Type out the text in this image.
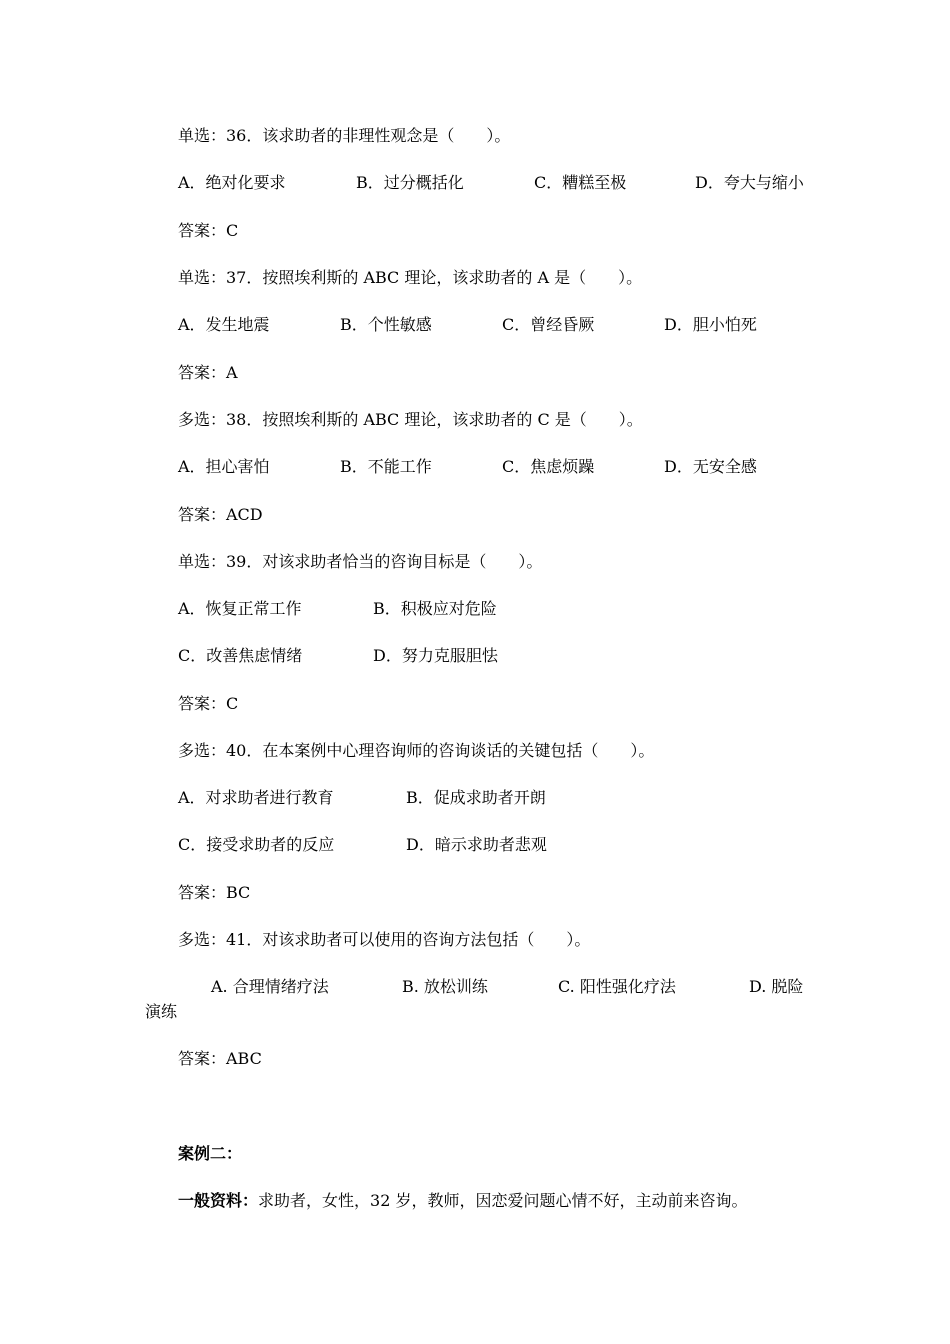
单选：36．该求助者的非理性观念是（　　）。
A．绝对化要求	B．过分概括化	C．糟糕至极	D．夸大与缩小
答案：C
单选：37．按照埃利斯的 ABC 理论，该求助者的 A 是（　　）。
A．发生地震	B．个性敏感	C．曾经昏厥	D．胆小怕死
答案：A
多选：38．按照埃利斯的 ABC 理论，该求助者的 C 是（　　）。
A．担心害怕	B．不能工作	C．焦虑烦躁	D．无安全感
答案：ACD
单选：39．对该求助者恰当的咨询目标是（　　）。
A．恢复正常工作	B．积极应对危险
C．改善焦虑情绪	D．努力克服胆怯
答案：C
多选：40．在本案例中心理咨询师的咨询谈话的关键包括（　　）。
A．对求助者进行教育	B．促成求助者开朗
C．接受求助者的反应	D．暗示求助者悲观
答案：BC
多选：41．对该求助者可以使用的咨询方法包括（　　）。
A. 合理情绪疗法	B. 放松训练	C. 阳性强化疗法	D. 脱险
演练
答案：ABC
案例二：
一般资料：求助者，女性，32 岁，教师，因恋爱问题心情不好，主动前来咨询。
